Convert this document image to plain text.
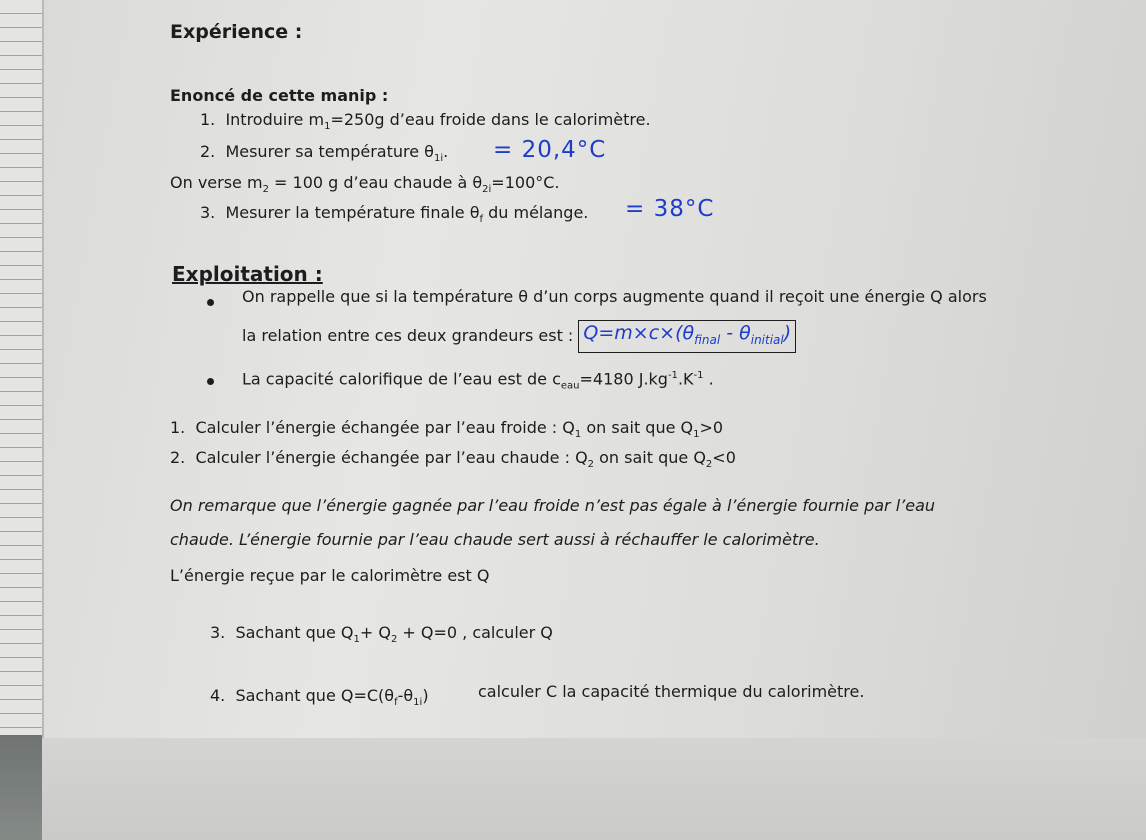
Expérience :
Enoncé de cette manip :
1. Introduire $m_1=250g$ d’eau froide dans le calorimètre.
2. Mesurer sa température $\theta_{1i}$. = 20,4°C
On verse $m_2 = 100$ g d’eau chaude à $\theta_{2i}=100^\circ C$.
3. Mesurer la température finale $\theta_f$ du mélange. = 38°C
Exploitation :
On rappelle que si la température θ d’un corps augmente quand il reçoit une énergie Q alors
la relation entre ces deux grandeurs est : $Q=m\times c\times(\theta_{final} - \theta_{initial})$
La capacité calorifique de l’eau est de $c_{eau}=4180$ $J.kg^{-1}.K^{-1}$ .
1. Calculer l’énergie échangée par l’eau froide : $Q_1$ on sait que $Q_1>0$
2. Calculer l’énergie échangée par l’eau chaude : $Q_2$ on sait que $Q_2<0$
On remarque que l’énergie gagnée par l’eau froide n’est pas égale à l’énergie fournie par l’eau
chaude. L’énergie fournie par l’eau chaude sert aussi à réchauffer le calorimètre.
L’énergie reçue par le calorimètre est Q
3. Sachant que $Q_1+ Q_2 + Q=0$ , calculer Q
4. Sachant que $Q=C(\theta_f-\theta_{1i})$	calculer C la capacité thermique du calorimètre.
